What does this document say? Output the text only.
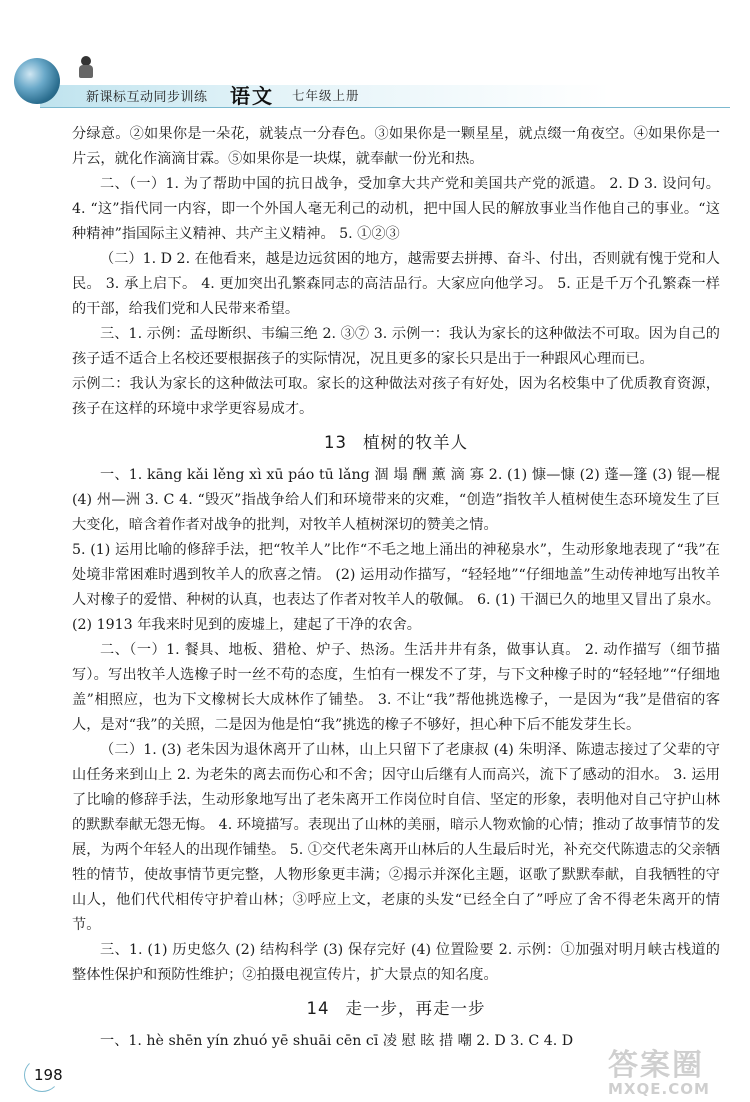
新课标互动同步训练 语文 七年级上册

分绿意。②如果你是一朵花，就装点一分春色。③如果你是一颗星星，就点缀一角夜空。④如果你是一片云，就化作滴滴甘霖。⑤如果你是一块煤，就奉献一份光和热。

二、（一）1. 为了帮助中国的抗日战争，受加拿大共产党和美国共产党的派遣。 2. D 3. 设问句。 4. “这”指代同一内容，即一个外国人毫无利己的动机，把中国人民的解放事业当作他自己的事业。“这种精神”指国际主义精神、共产主义精神。 5. ①②③

（二）1. D 2. 在他看来，越是边远贫困的地方，越需要去拼搏、奋斗、付出，否则就有愧于党和人民。 3. 承上启下。 4. 更加突出孔繁森同志的高洁品行。大家应向他学习。 5. 正是千万个孔繁森一样的干部，给我们党和人民带来希望。

三、1. 示例：孟母断织、韦编三绝 2. ③⑦ 3. 示例一：我认为家长的这种做法不可取。因为自己的孩子适不适合上名校还要根据孩子的实际情况，况且更多的家长只是出于一种跟风心理而已。

示例二：我认为家长的这种做法可取。家长的这种做法对孩子有好处，因为名校集中了优质教育资源，孩子在这样的环境中求学更容易成才。

13 植树的牧羊人

一、1. kāng kǎi lěng xì xū páo tū lǎng 涸 塌 酬 薰 滴 寡 2. (1) 慷—慷 (2) 蓬—篷 (3) 锟—棍 (4) 州—洲 3. C 4. “毁灭”指战争给人们和环境带来的灾难，“创造”指牧羊人植树使生态环境发生了巨大变化，暗含着作者对战争的批判，对牧羊人植树深切的赞美之情。

5. (1) 运用比喻的修辞手法，把“牧羊人”比作“不毛之地上涌出的神秘泉水”，生动形象地表现了“我”在处境非常困难时遇到牧羊人的欣喜之情。 (2) 运用动作描写，“轻轻地”“仔细地盖”生动传神地写出牧羊人对橡子的爱惜、种树的认真，也表达了作者对牧羊人的敬佩。 6. (1) 干涸已久的地里又冒出了泉水。 (2) 1913 年我来时见到的废墟上，建起了干净的农舍。

二、（一）1. 餐具、地板、猎枪、炉子、热汤。生活井井有条，做事认真。 2. 动作描写（细节描写）。写出牧羊人选橡子时一丝不苟的态度，生怕有一棵发不了芽，与下文种橡子时的“轻轻地”“仔细地盖”相照应，也为下文橡树长大成林作了铺垫。 3. 不让“我”帮他挑选橡子，一是因为“我”是借宿的客人，是对“我”的关照，二是因为他是怕“我”挑选的橡子不够好，担心种下后不能发芽生长。

（二）1. (3) 老朱因为退休离开了山林，山上只留下了老康叔 (4) 朱明泽、陈遗志接过了父辈的守山任务来到山上 2. 为老朱的离去而伤心和不舍；因守山后继有人而高兴，流下了感动的泪水。 3. 运用了比喻的修辞手法，生动形象地写出了老朱离开工作岗位时自信、坚定的形象，表明他对自己守护山林的默默奉献无怨无悔。 4. 环境描写。表现出了山林的美丽，暗示人物欢愉的心情；推动了故事情节的发展，为两个年轻人的出现作铺垫。 5. ①交代老朱离开山林后的人生最后时光，补充交代陈遗志的父亲牺牲的情节，使故事情节更完整，人物形象更丰满；②揭示并深化主题，讴歌了默默奉献，自我牺牲的守山人，他们代代相传守护着山林；③呼应上文，老康的头发“已经全白了”呼应了舍不得老朱离开的情节。

三、1. (1) 历史悠久 (2) 结构科学 (3) 保存完好 (4) 位置险要 2. 示例：①加强对明月峡古栈道的整体性保护和预防性维护；②拍摄电视宣传片，扩大景点的知名度。

14 走一步，再走一步

一、1. hè shēn yín zhuó yē shuāi cēn cī 凌 慰 眩 措 嘲 2. D 3. C 4. D

198	答案圈
MXQE.COM
